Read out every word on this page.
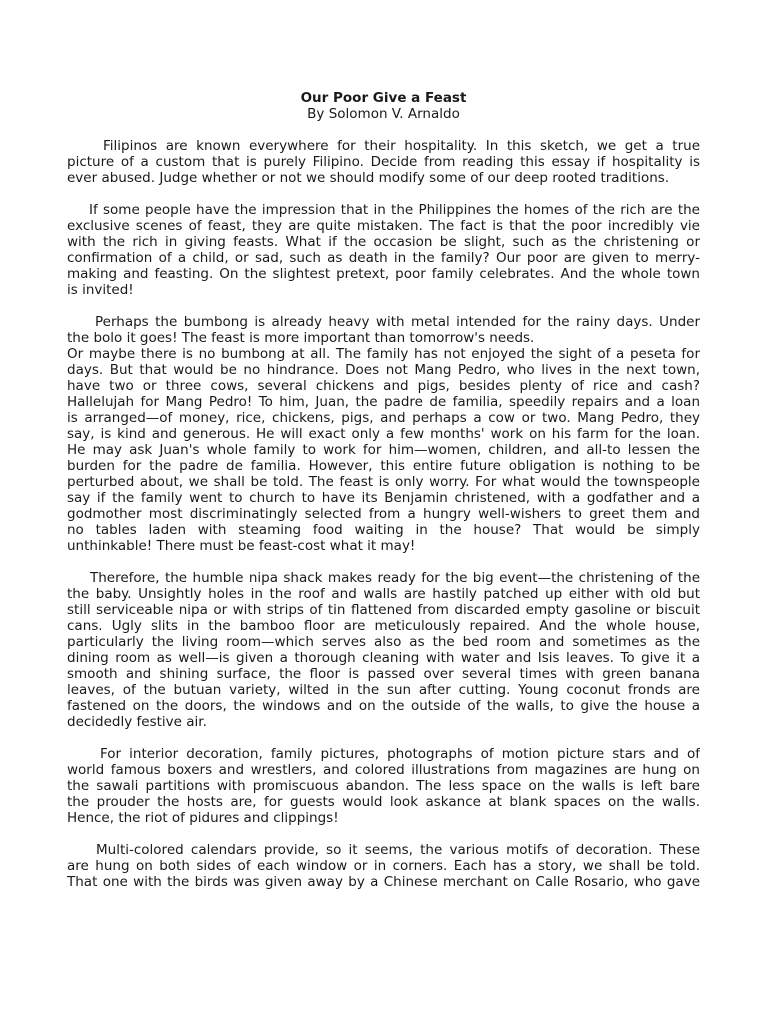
Our Poor Give a Feast

By Solomon V. Arnaldo

Filipinos are known everywhere for their hospitality. In this sketch, we get a true
picture of a custom that is purely Filipino. Decide from reading this essay if hospitality is
ever abused. Judge whether or not we should modify some of our deep rooted traditions.
If some people have the impression that in the Philippines the homes of the rich are the
exclusive scenes of feast, they are quite mistaken. The fact is that the poor incredibly vie
with the rich in giving feasts. What if the occasion be slight, such as the christening or
confirmation of a child, or sad, such as death in the family? Our poor are given to merry-
making and feasting. On the slightest pretext, poor family celebrates. And the whole town
is invited!
Perhaps the bumbong is already heavy with metal intended for the rainy days. Under
the bolo it goes! The feast is more important than tomorrow's needs.
Or maybe there is no bumbong at all. The family has not enjoyed the sight of a peseta for
days. But that would be no hindrance. Does not Mang Pedro, who lives in the next town,
have two or three cows, several chickens and pigs, besides plenty of rice and cash?
Hallelujah for Mang Pedro! To him, Juan, the padre de familia, speedily repairs and a loan
is arranged—of money, rice, chickens, pigs, and perhaps a cow or two. Mang Pedro, they
say, is kind and generous. He will exact only a few months' work on his farm for the loan.
He may ask Juan's whole family to work for him—women, children, and all-to lessen the
burden for the padre de familia. However, this entire future obligation is nothing to be
perturbed about, we shall be told. The feast is only worry. For what would the townspeople
say if the family went to church to have its Benjamin christened, with a godfather and a
godmother most discriminatingly selected from a hungry well-wishers to greet them and
no tables laden with steaming food waiting in the house? That would be simply
unthinkable! There must be feast-cost what it may!
Therefore, the humble nipa shack makes ready for the big event—the christening of the
the baby. Unsightly holes in the roof and walls are hastily patched up either with old but
still serviceable nipa or with strips of tin flattened from discarded empty gasoline or biscuit
cans. Ugly slits in the bamboo floor are meticulously repaired. And the whole house,
particularly the living room—which serves also as the bed room and sometimes as the
dining room as well—is given a thorough cleaning with water and Isis leaves. To give it a
smooth and shining surface, the floor is passed over several times with green banana
leaves, of the butuan variety, wilted in the sun after cutting. Young coconut fronds are
fastened on the doors, the windows and on the outside of the walls, to give the house a
decidedly festive air.
For interior decoration, family pictures, photographs of motion picture stars and of
world famous boxers and wrestlers, and colored illustrations from magazines are hung on
the sawali partitions with promiscuous abandon. The less space on the walls is left bare
the prouder the hosts are, for guests would look askance at blank spaces on the walls.
Hence, the riot of pidures and clippings!
Multi-colored calendars provide, so it seems, the various motifs of decoration. These
are hung on both sides of each window or in corners. Each has a story, we shall be told.
That one with the birds was given away by a Chinese merchant on Calle Rosario, who gave
